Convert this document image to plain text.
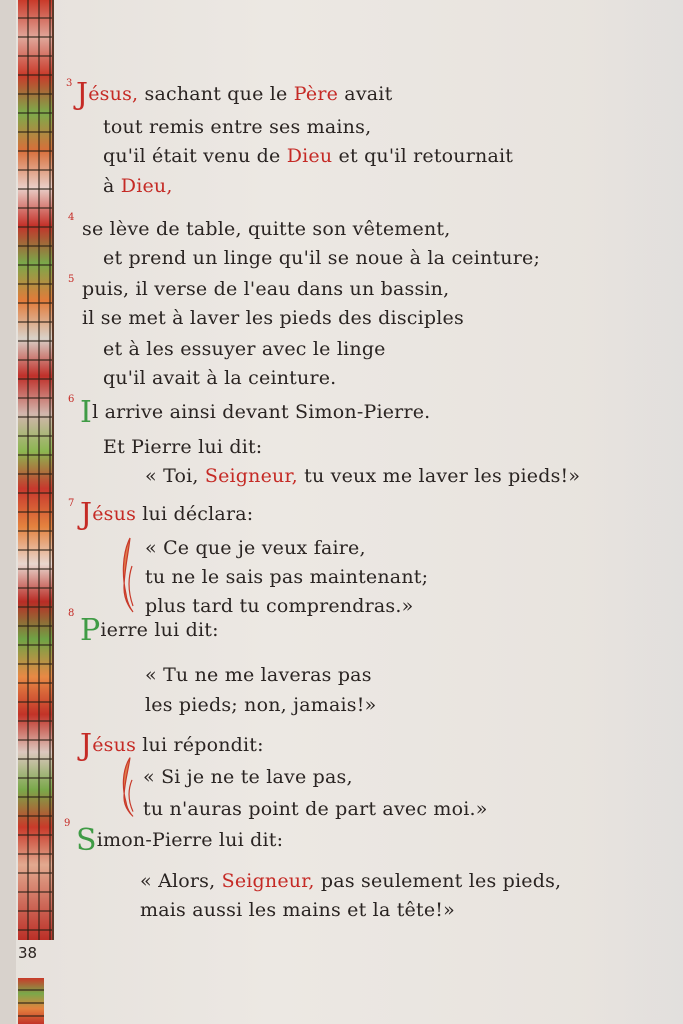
3 Jésus, sachant que le Père avait
tout remis entre ses mains,
qu'il était venu de Dieu et qu'il retournait
à Dieu,
4
se lève de table, quitte son vêtement,
et prend un linge qu'il se noue à la ceinture;
5 puis, il verse de l'eau dans un bassin,
il se met à laver les pieds des disciples
et à les essuyer avec le linge
qu'il avait à la ceinture.
6 Il arrive ainsi devant Simon-Pierre.
Et Pierre lui dit:
« Toi, Seigneur, tu veux me laver les pieds!»
7 Jésus lui déclara:
« Ce que je veux faire,
tu ne le sais pas maintenant;
plus tard tu comprendras.»
8 Pierre lui dit:
« Tu ne me laveras pas
les pieds; non, jamais!»
Jésus lui répondit:
« Si je ne te lave pas,
tu n'auras point de part avec moi.»
9 Simon-Pierre lui dit:
« Alors, Seigneur, pas seulement les pieds,
mais aussi les mains et la tête!»
38
